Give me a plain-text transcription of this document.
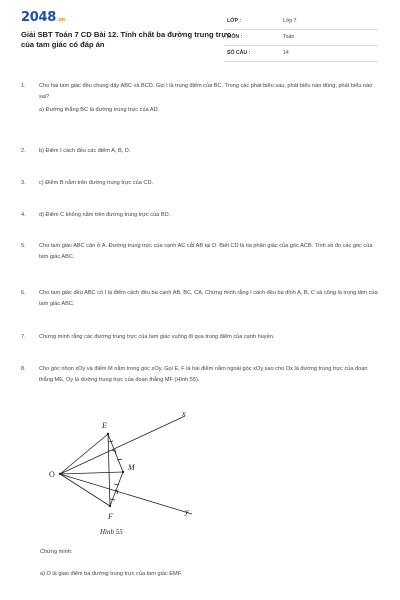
2048.vn
Giải SBT Toán 7 CD Bài 12. Tính chất ba đường trung trực của tam giác có đáp án
LỚP :	Lớp 7
MÔN :	Toán
SỐ CÂU :	14
1. Cho hai tam giác đều chung đáy ABC và BCD. Gọi I là trung điểm của BC. Trong các phát biểu sau, phát biểu nào đúng, phát biểu nào sai?
a) Đường thẳng BC là đường trung trực của AD.
2. b) Điểm I cách đều các điểm A, B, D.
3. c) Điểm B nằm trên đường trung trực của CD.
4. d) Điểm C không nằm trên đường trung trực của BD.
5. Cho tam giác ABC cân ở A. Đường trung trực của cạnh AC cắt AB tại D. Biết CD là tia phân giác của góc ACB. Tính số đo các góc của tam giác ABC.
6. Cho tam giác đều ABC có I là điểm cách đều ba cạnh AB, BC, CA. Chứng minh rằng I cách đều ba đỉnh A, B, C và cũng là trọng tâm của tam giác ABC.
7. Chứng minh rằng các đường trung trực của tam giác vuông đi qua trung điểm của cạnh huyền.
8. Cho góc nhọn xOy và điểm M nằm trong góc xOy. Gọi E, F là hai điểm nằm ngoài góc xOy sao cho Ox là đường trung trực của đoạn thẳng ME, Oy là đường trung trực của đoạn thẳng MF (Hình 55).
E
O
M
F
x
y
Hình 55
Chứng minh:
a) O là giao điểm ba đường trung trực của tam giác EMF.
